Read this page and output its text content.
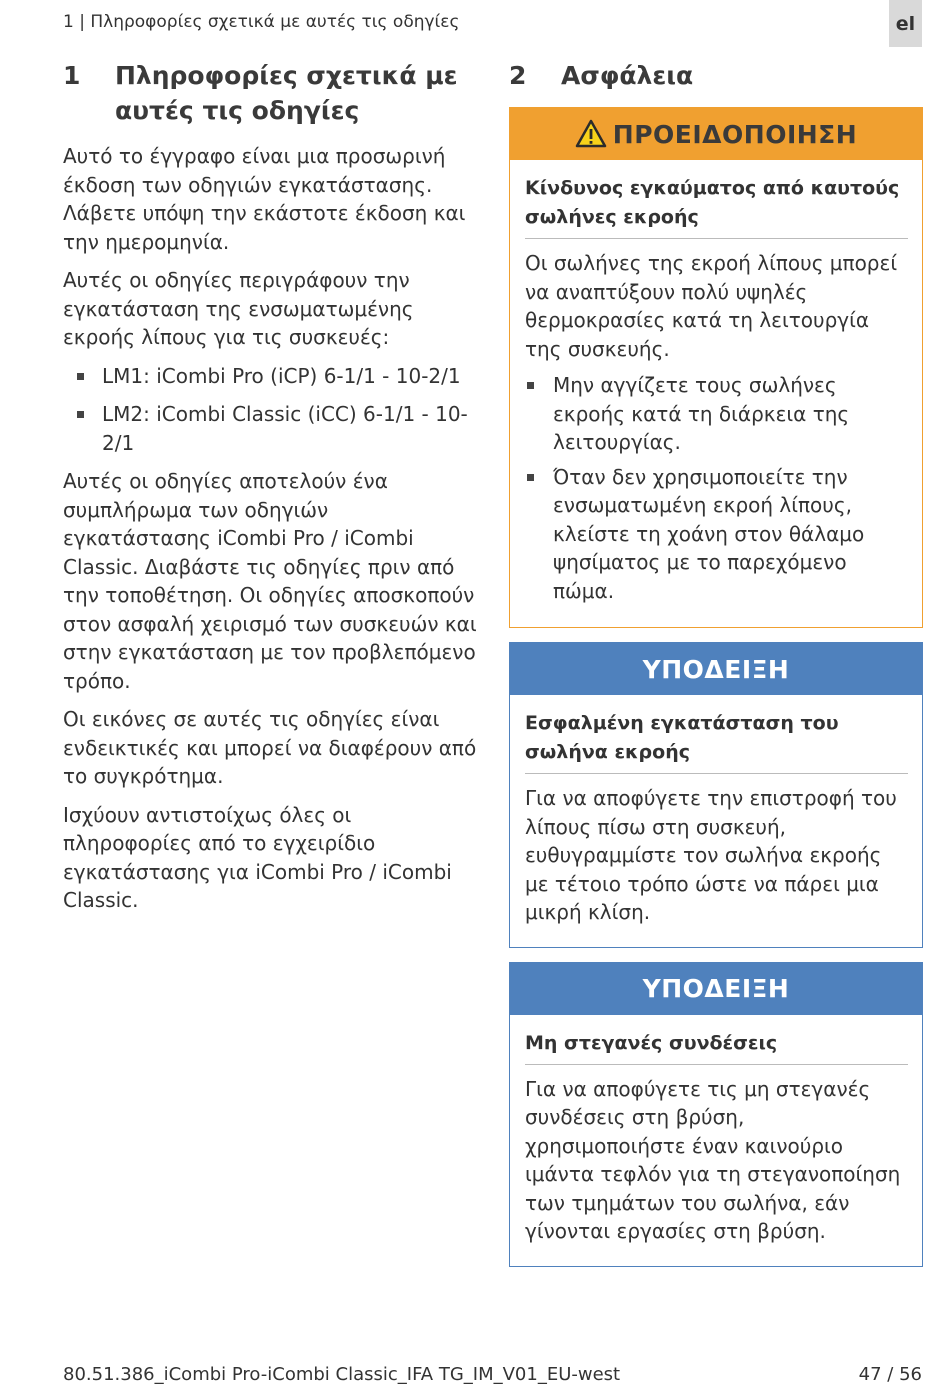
1 | Πληροφορίες σχετικά με αυτές τις οδηγίες	el
1	Πληροφορίες σχετικά με αυτές τις οδηγίες

Αυτό το έγγραφο είναι μια προσωρινή έκδοση των οδηγιών εγκατάστασης. Λάβετε υπόψη την εκάστοτε έκδοση και την ημερομηνία.

Αυτές οι οδηγίες περιγράφουν την εγκατάσταση της ενσωματωμένης εκροής λίπους για τις συσκευές:

LM1: iCombi Pro (iCP) 6-1/1 - 10-2/1
LM2: iCombi Classic (iCC) 6-1/1 - 10-2/1

Αυτές οι οδηγίες αποτελούν ένα συμπλήρωμα των οδηγιών εγκατάστασης iCombi Pro / iCombi Classic. Διαβάστε τις οδηγίες πριν από την τοποθέτηση. Οι οδηγίες αποσκοπούν στον ασφαλή χειρισμό των συσκευών και στην εγκατάσταση με τον προβλεπόμενο τρόπο.

Οι εικόνες σε αυτές τις οδηγίες είναι ενδεικτικές και μπορεί να διαφέρουν από το συγκρότημα.

Ισχύουν αντιστοίχως όλες οι πληροφορίες από το εγχειρίδιο εγκατάστασης για iCombi Pro / iCombi Classic.

2	Ασφάλεια
ΠΡΟΕΙΔΟΠΟΙΗΣΗ
Κίνδυνος εγκαύματος από καυτούς σωλήνες εκροής

Οι σωλήνες της εκροή λίπους μπορεί να αναπτύξουν πολύ υψηλές θερμοκρασίες κατά τη λειτουργία της συσκευής.

Μην αγγίζετε τους σωλήνες εκροής κατά τη διάρκεια της λειτουργίας.
Όταν δεν χρησιμοποιείτε την ενσωματωμένη εκροή λίπους, κλείστε τη χοάνη στον θάλαμο ψησίματος με το παρεχόμενο πώμα.
ΥΠΟΔΕΙΞΗ
Εσφαλμένη εγκατάσταση του σωλήνα εκροής

Για να αποφύγετε την επιστροφή του λίπους πίσω στη συσκευή, ευθυγραμμίστε τον σωλήνα εκροής με τέτοιο τρόπο ώστε να πάρει μια μικρή κλίση.

ΥΠΟΔΕΙΞΗ
Μη στεγανές συνδέσεις

Για να αποφύγετε τις μη στεγανές συνδέσεις στη βρύση, χρησιμοποιήστε έναν καινούριο ιμάντα τεφλόν για τη στεγανοποίηση των τμημάτων του σωλήνα, εάν γίνονται εργασίες στη βρύση.

80.51.386_iCombi Pro-iCombi Classic_IFA TG_IM_V01_EU-west	47 / 56
